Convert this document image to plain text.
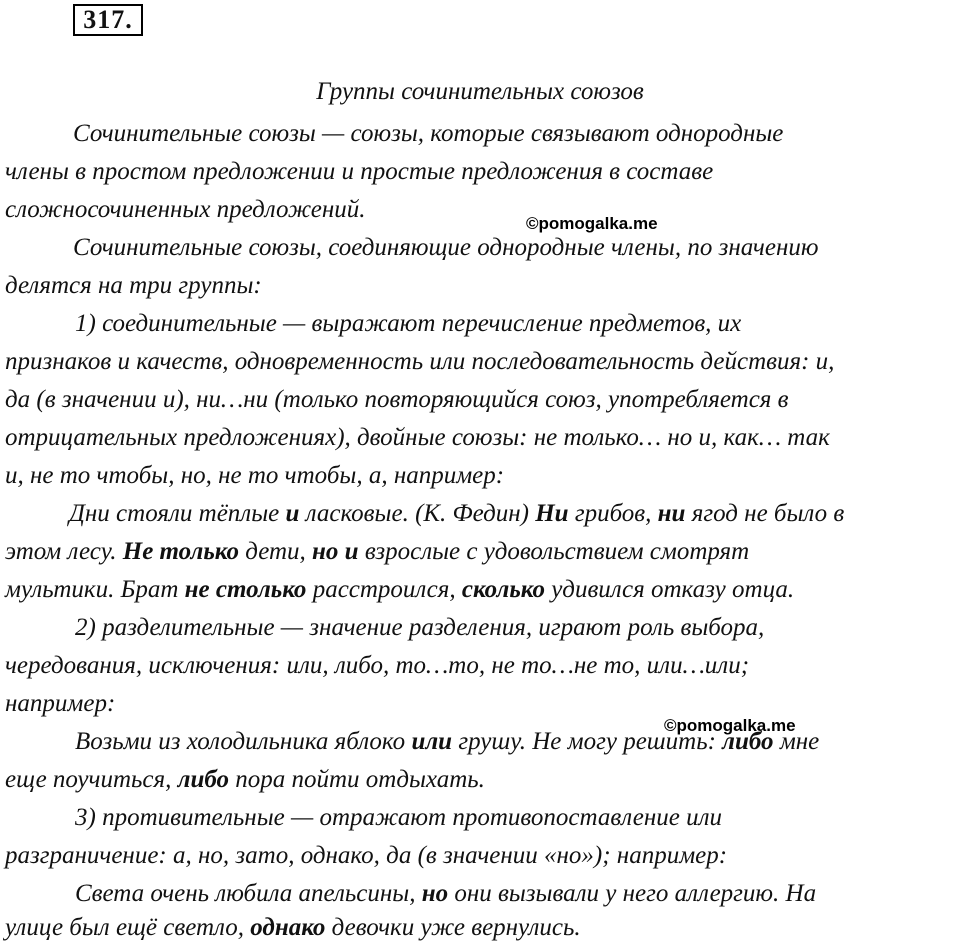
317.
Группы сочинительных союзов

Сочинительные союзы — союзы, которые связывают однородные

члены в простом предложении и простые предложения в составе

сложносочиненных предложений.

©pomogalka.me

Сочинительные союзы, соединяющие однородные члены, по значению

делятся на три группы:

1) соединительные — выражают перечисление предметов, их

признаков и качеств, одновременность или последовательность действия: и,

да (в значении и), ни…ни (только повторяющийся союз, употребляется в

отрицательных предложениях), двойные союзы: не только… но и, как… так

и, не то чтобы, но, не то чтобы, а, например:

Дни стояли тёплые и ласковые. (К. Федин) Ни грибов, ни ягод не было в

этом лесу. Не только дети, но и взрослые с удовольствием смотрят

мультики. Брат не столько расстроился, сколько удивился отказу отца.

2) разделительные — значение разделения, играют роль выбора,

чередования, исключения: или, либо, то…то, не то…не то, или…или;

например:

©pomogalka.me

Возьми из холодильника яблоко или грушу. Не могу решить: либо мне

еще поучиться, либо пора пойти отдыхать.

3) противительные — отражают противопоставление или

разграничение: а, но, зато, однако, да (в значении «но»); например:

Света очень любила апельсины, но они вызывали у него аллергию. На

улице был ещё светло, однако девочки уже вернулись.
